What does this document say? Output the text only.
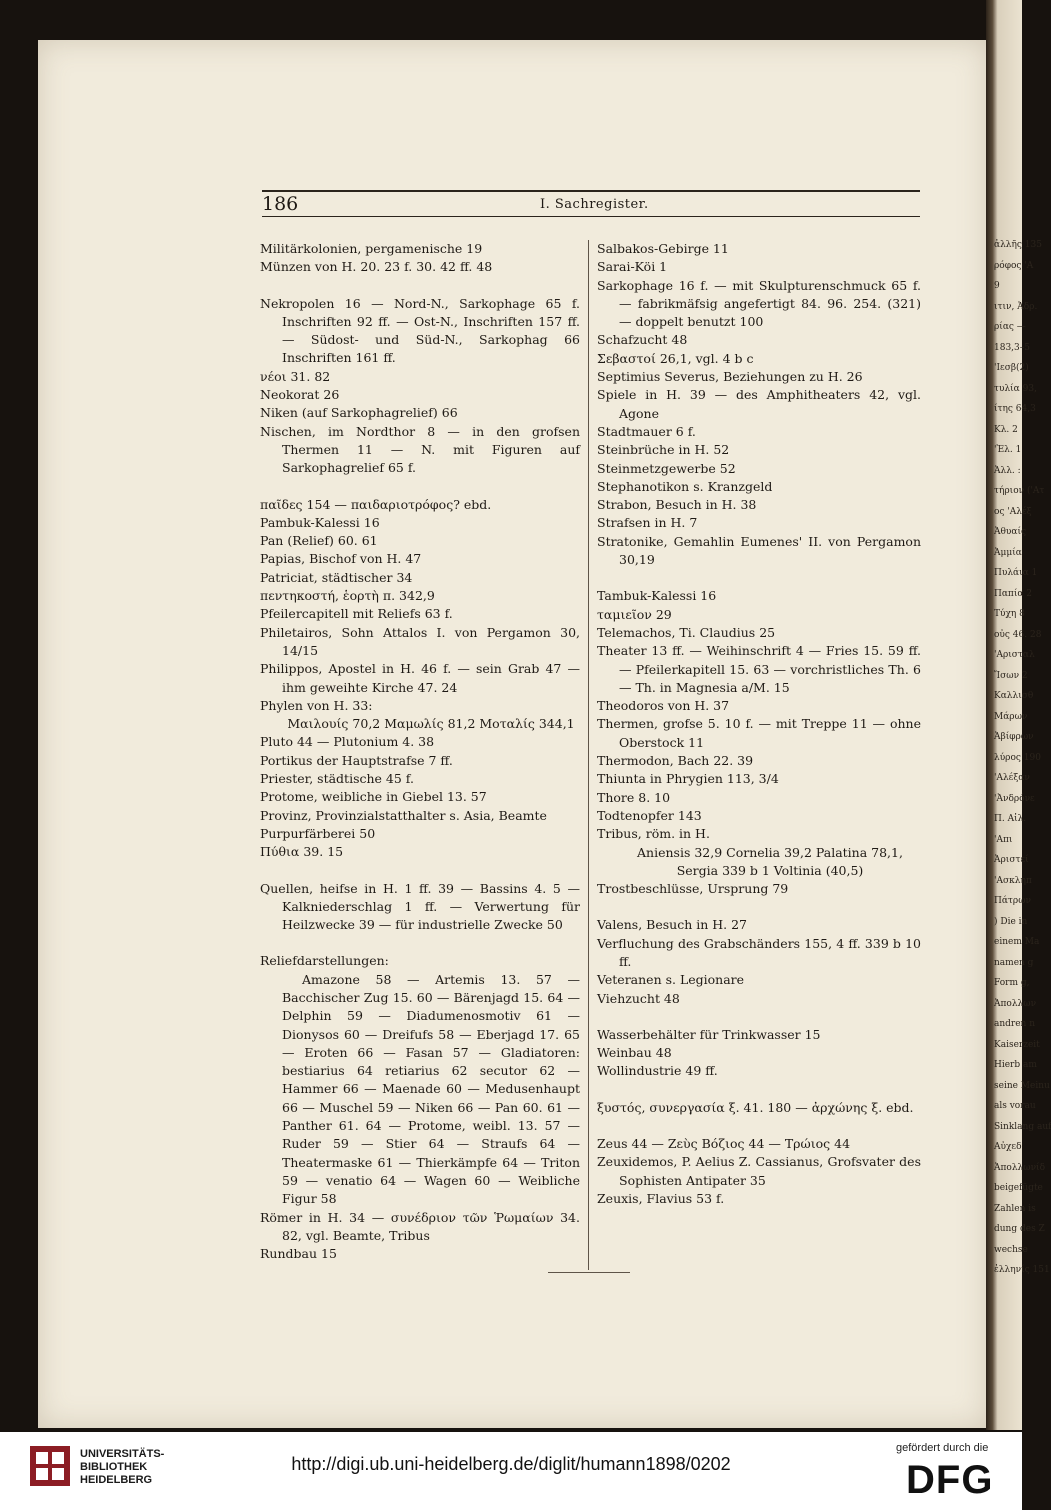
ἀλλῆς 135
ρόφος 'Α
9
ιτιν, Ἀδρ.
ρίας —
183,3–5
'Ιεσβ(2)
τυλία 93,
ίτης 64,3
Κλ. 2
'Ἐλ. 1
Ἀλλ. :
τήριον ('Ατ
ος 'Αλέξ
Ἀθυαίς
Ἀμμία
Πυλάια 1
Παπία 2
Τύχη 8
οὐς 46. 28
'Αρισταλ
Ἴσων 2
Καλλισθ
Μάρων
Ἀβίφρων
λύρος 190
'Αλέξαν
'Ἀνδρόνε
Π. Αἰλ.
'Απι
Ἀριστεί
'Ασκληπ
Πάτρων
) Die in
einem Ma
namen g
Form g,
Ἀπολλων
andren n
Kaiserzeit
Hierb am
seine Meinu
als vorau
Sinklang auf
Αὐχεδ
Ἀπολλωνίδ
beigefügte
Zahlen is
dung des Z
wechse
ἐλληνίς 151
186	I. Sachregister.

Militärkolonien, pergamenische 19

Münzen von H. 20. 23 f. 30. 42 ff. 48

Nekropolen 16 — Nord-N., Sarkophage 65 f. Inschriften 92 ff. — Ost-N., Inschriften 157 ff. — Südost- und Süd-N., Sarkophag 66 Inschriften 161 ff.

νέοι 31. 82

Neokorat 26

Niken (auf Sarkophagrelief) 66

Nischen, im Nordthor 8 — in den grofsen Thermen 11 — N. mit Figuren auf Sarkophagrelief 65 f.

παῖδες 154 — παιδαριοτρόφος? ebd.

Pambuk-Kalessi 16

Pan (Relief) 60. 61

Papias, Bischof von H. 47

Patriciat, städtischer 34

πεντηκοστή, ἑορτὴ π. 342,9

Pfeilercapitell mit Reliefs 63 f.

Philetairos, Sohn Attalos I. von Pergamon 30, 14/15

Philippos, Apostel in H. 46 f. — sein Grab 47 — ihm geweihte Kirche 47. 24

Phylen von H. 33:

Μαιλουίς 70,2 Μαμωλίς 81,2 Μοταλίς 344,1

Pluto 44 — Plutonium 4. 38

Portikus der Hauptstrafse 7 ff.

Priester, städtische 45 f.

Protome, weibliche in Giebel 13. 57

Provinz, Provinzialstatthalter s. Asia, Beamte

Purpurfärberei 50

Πύθια 39. 15

Quellen, heifse in H. 1 ff. 39 — Bassins 4. 5 — Kalkniederschlag 1 ff. — Verwertung für Heilzwecke 39 — für industrielle Zwecke 50

Reliefdarstellungen:

Amazone 58 — Artemis 13. 57 — Bacchischer Zug 15. 60 — Bärenjagd 15. 64 — Delphin 59 — Diadumenosmotiv 61 — Dionysos 60 — Dreifufs 58 — Eberjagd 17. 65 — Eroten 66 — Fasan 57 — Gladiatoren: bestiarius 64 retiarius 62 secutor 62 — Hammer 66 — Maenade 60 — Medusenhaupt 66 — Muschel 59 — Niken 66 — Pan 60. 61 — Panther 61. 64 — Protome, weibl. 13. 57 — Ruder 59 — Stier 64 — Straufs 64 — Theatermaske 61 — Thierkämpfe 64 — Triton 59 — venatio 64 — Wagen 60 — Weibliche Figur 58

Römer in H. 34 — συνέδριον τῶν Ῥωμαίων 34. 82, vgl. Beamte, Tribus

Rundbau 15

Salbakos-Gebirge 11

Sarai-Köi 1

Sarkophage 16 f. — mit Skulpturenschmuck 65 f. — fabrikmäfsig angefertigt 84. 96. 254. (321) — doppelt benutzt 100

Schafzucht 48

Σεβαστοί 26,1, vgl. 4 b c

Septimius Severus, Beziehungen zu H. 26

Spiele in H. 39 — des Amphitheaters 42, vgl. Agone

Stadtmauer 6 f.

Steinbrüche in H. 52

Steinmetzgewerbe 52

Stephanotikon s. Kranzgeld

Strabon, Besuch in H. 38

Strafsen in H. 7

Stratonike, Gemahlin Eumenes' II. von Pergamon 30,19

Tambuk-Kalessi 16

ταμιεῖον 29

Telemachos, Ti. Claudius 25

Theater 13 ff. — Weihinschrift 4 — Fries 15. 59 ff. — Pfeilerkapitell 15. 63 — vorchristliches Th. 6 — Th. in Magnesia a/M. 15

Theodoros von H. 37

Thermen, grofse 5. 10 f. — mit Treppe 11 — ohne Oberstock 11

Thermodon, Bach 22. 39

Thiunta in Phrygien 113, 3/4

Thore 8. 10

Todtenopfer 143

Tribus, röm. in H.

Aniensis 32,9 Cornelia 39,2 Palatina 78,1, Sergia 339 b 1 Voltinia (40,5)

Trostbeschlüsse, Ursprung 79

Valens, Besuch in H. 27

Verfluchung des Grabschänders 155, 4 ff. 339 b 10 ff.

Veteranen s. Legionare

Viehzucht 48

Wasserbehälter für Trinkwasser 15

Weinbau 48

Wollindustrie 49 ff.

ξυστός, συνεργασία ξ. 41. 180 — ἀρχώνης ξ. ebd.

Zeus 44 — Ζεὺς Βόζιος 44 — Τρώιος 44

Zeuxidemos, P. Aelius Z. Cassianus, Grofsvater des Sophisten Antipater 35

Zeuxis, Flavius 53 f.

UNIVERSITÄTS-
BIBLIOTHEK
HEIDELBERG
http://digi.ub.uni-heidelberg.de/diglit/humann1898/0202
gefördert durch die
DFG
